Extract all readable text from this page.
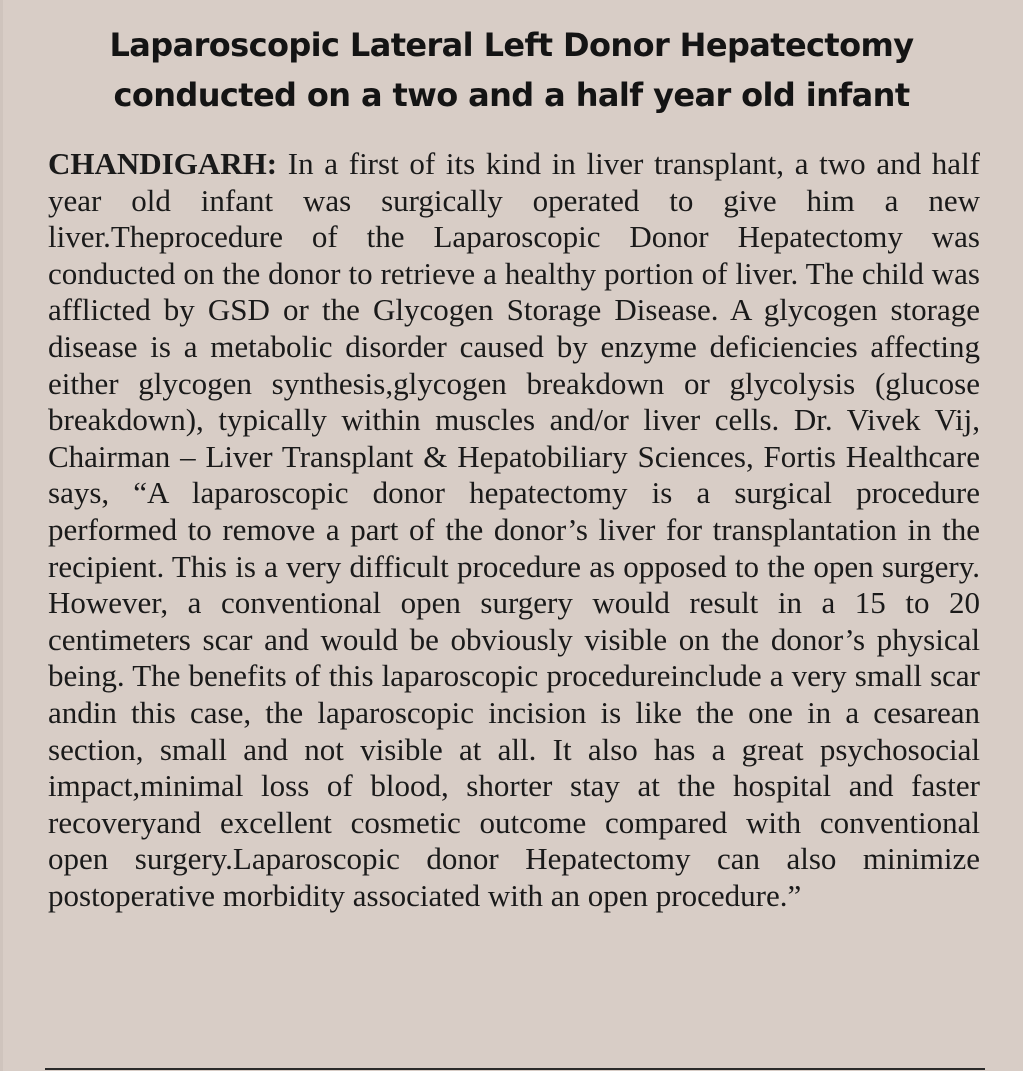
Laparoscopic Lateral Left Donor Hepatectomy
conducted on a two and a half year old infant
CHANDIGARH: In a first of its kind in liver transplant, a two and half year old infant was surgically operated to give him a new liver.Theprocedure of the Laparoscopic Donor Hepatectomy was conducted on the donor to retrieve a healthy portion of liver. The child was afflicted by GSD or the Glycogen Storage Disease. A glycogen storage disease is a metabolic disorder caused by enzyme deficiencies affecting either glycogen synthesis,glycogen breakdown or glycolysis (glucose breakdown), typically within muscles and/or liver cells. Dr. Vivek Vij, Chairman – Liver Transplant & Hepatobiliary Sciences, Fortis Healthcare says, “A laparoscopic donor hepatectomy is a surgical procedure performed to remove a part of the donor’s liver for transplantation in the recipient. This is a very difficult procedure as opposed to the open surgery. However, a conventional open surgery would result in a 15 to 20 centimeters scar and would be obviously visible on the donor’s physical being. The benefits of this laparoscopic procedureinclude a very small scar andin this case, the laparoscopic incision is like the one in a cesarean section, small and not visible at all. It also has a great psychosocial impact,minimal loss of blood, shorter stay at the hospital and faster recoveryand excellent cosmetic outcome compared with conventional open surgery.Laparoscopic donor Hepatectomy can also minimize postoperative morbidity associated with an open procedure.”
